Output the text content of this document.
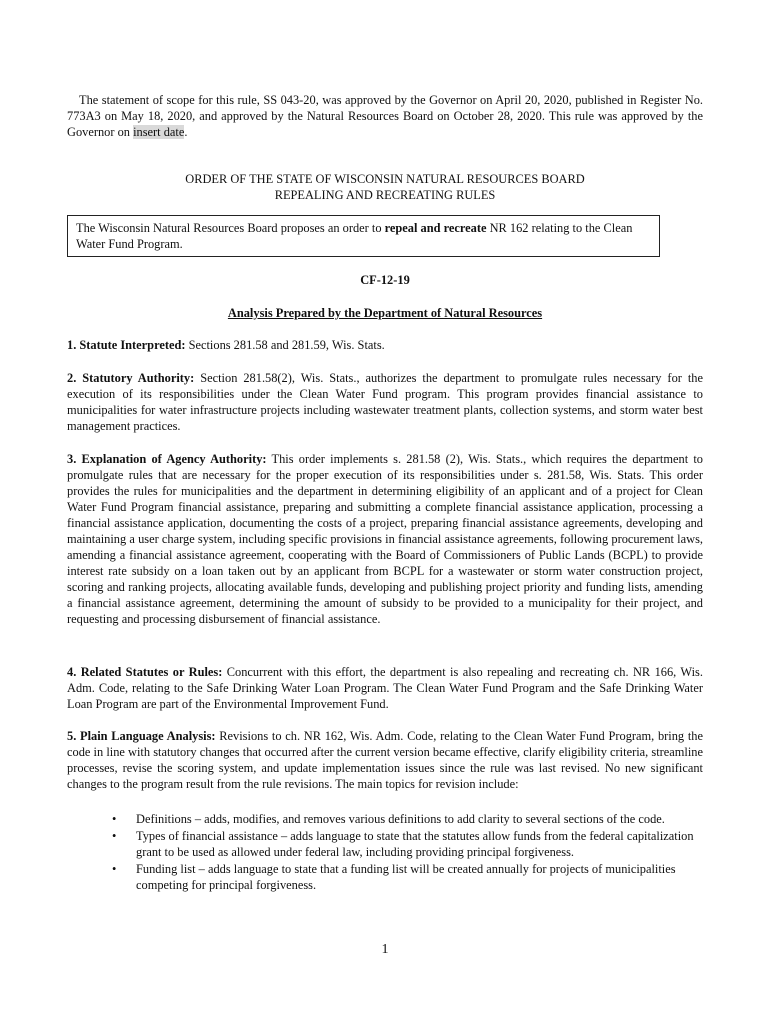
The statement of scope for this rule, SS 043-20, was approved by the Governor on April 20, 2020, published in Register No. 773A3 on May 18, 2020, and approved by the Natural Resources Board on October 28, 2020. This rule was approved by the Governor on insert date.

ORDER OF THE STATE OF WISCONSIN NATURAL RESOURCES BOARD
REPEALING AND RECREATING RULES
The Wisconsin Natural Resources Board proposes an order to repeal and recreate NR 162 relating to the Clean Water Fund Program.
CF-12-19
Analysis Prepared by the Department of Natural Resources

1. Statute Interpreted: Sections 281.58 and 281.59, Wis. Stats.

2. Statutory Authority: Section 281.58(2), Wis. Stats., authorizes the department to promulgate rules necessary for the execution of its responsibilities under the Clean Water Fund program. This program provides financial assistance to municipalities for water infrastructure projects including wastewater treatment plants, collection systems, and storm water best management practices.

3. Explanation of Agency Authority: This order implements s. 281.58 (2), Wis. Stats., which requires the department to promulgate rules that are necessary for the proper execution of its responsibilities under s. 281.58, Wis. Stats. This order provides the rules for municipalities and the department in determining eligibility of an applicant and of a project for Clean Water Fund Program financial assistance, preparing and submitting a complete financial assistance application, processing a financial assistance application, documenting the costs of a project, preparing financial assistance agreements, developing and maintaining a user charge system, including specific provisions in financial assistance agreements, following procurement laws, amending a financial assistance agreement, cooperating with the Board of Commissioners of Public Lands (BCPL) to provide interest rate subsidy on a loan taken out by an applicant from BCPL for a wastewater or storm water construction project, scoring and ranking projects, allocating available funds, developing and publishing project priority and funding lists, amending a financial assistance agreement, determining the amount of subsidy to be provided to a municipality for their project, and requesting and processing disbursement of financial assistance.

4. Related Statutes or Rules: Concurrent with this effort, the department is also repealing and recreating ch. NR 166, Wis. Adm. Code, relating to the Safe Drinking Water Loan Program. The Clean Water Fund Program and the Safe Drinking Water Loan Program are part of the Environmental Improvement Fund.

5. Plain Language Analysis: Revisions to ch. NR 162, Wis. Adm. Code, relating to the Clean Water Fund Program, bring the code in line with statutory changes that occurred after the current version became effective, clarify eligibility criteria, streamline processes, revise the scoring system, and update implementation issues since the rule was last revised. No new significant changes to the program result from the rule revisions. The main topics for revision include:

• Definitions – adds, modifies, and removes various definitions to add clarity to several sections of the code.
• Types of financial assistance – adds language to state that the statutes allow funds from the federal capitalization grant to be used as allowed under federal law, including providing principal forgiveness.
• Funding list – adds language to state that a funding list will be created annually for projects of municipalities competing for principal forgiveness.
1
